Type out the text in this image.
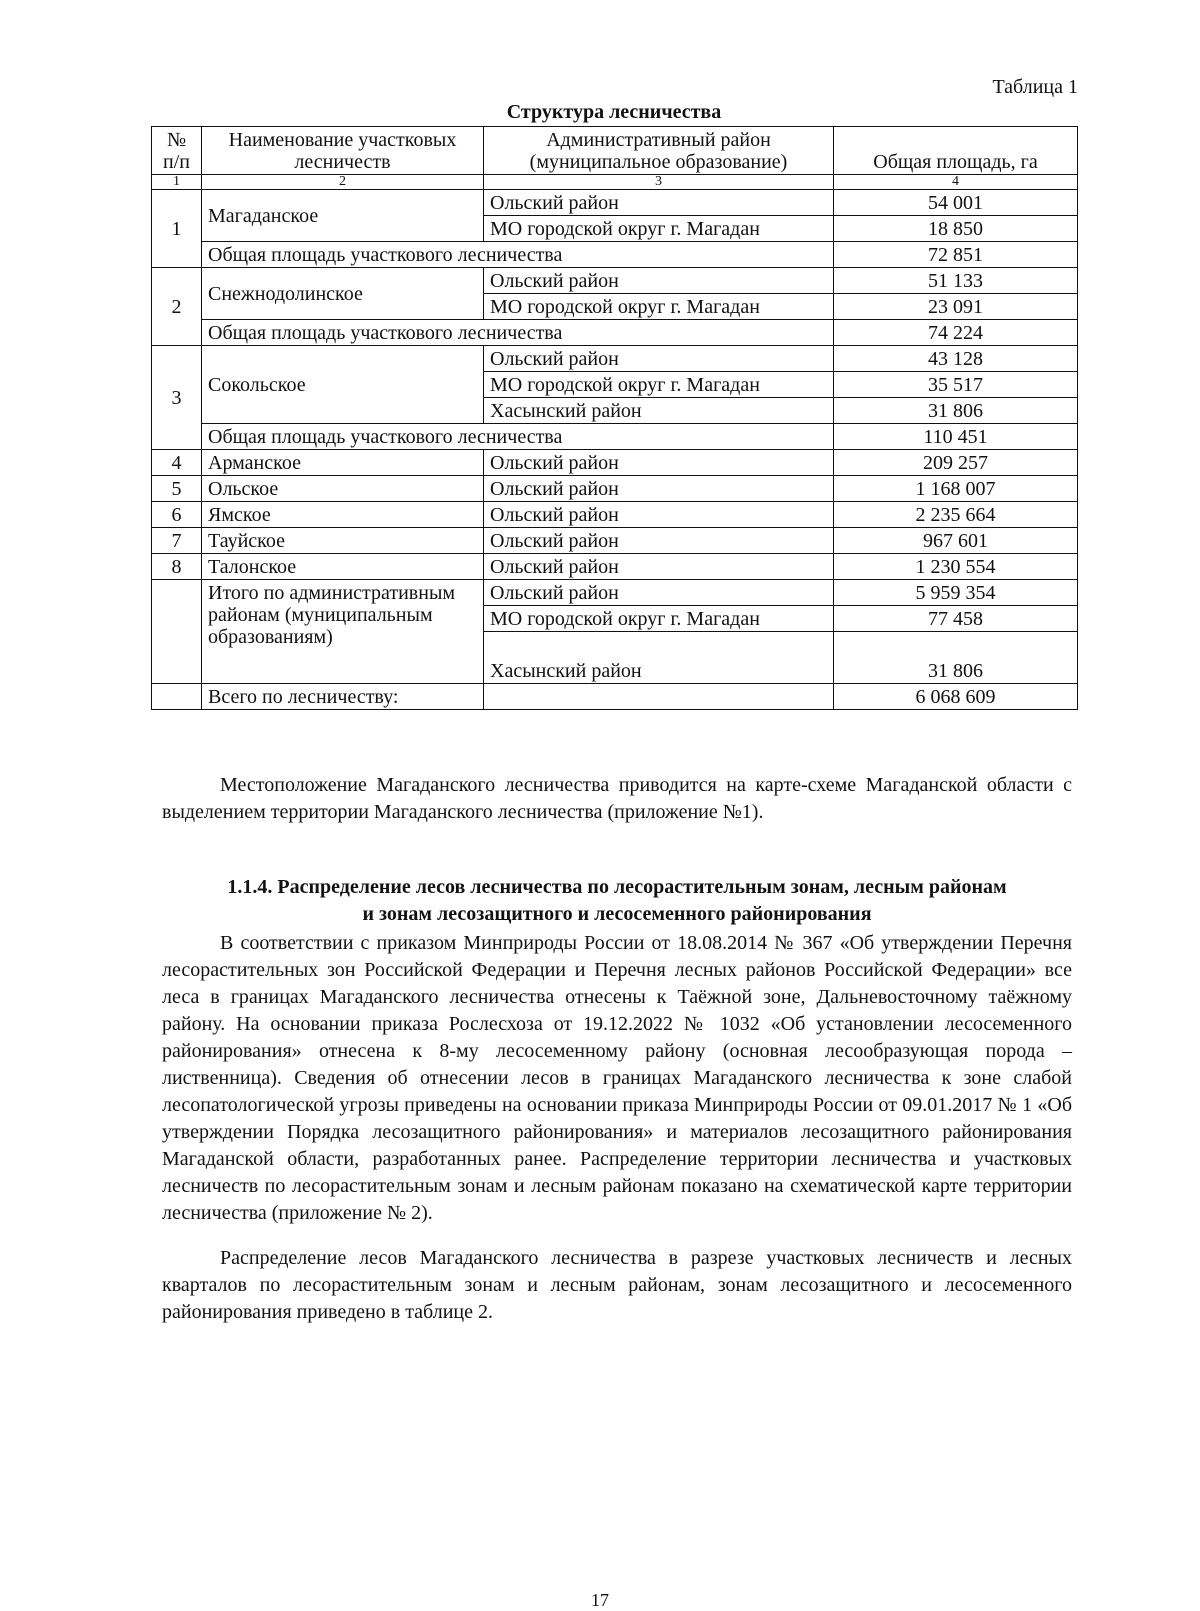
Таблица 1
Структура лесничества
№ п/п	Наименование участковых лесничеств	Административный район (муниципальное образование)	Общая площадь, га
1	2	3	4
1	Магаданское	Ольский район	54 001
		МО городской округ г. Магадан	18 850
	Общая площадь участкового лесничества		72 851
2	Снежнодолинское	Ольский район	51 133
		МО городской округ г. Магадан	23 091
	Общая площадь участкового лесничества		74 224
3	Сокольское	Ольский район	43 128
		МО городской округ г. Магадан	35 517
		Хасынский район	31 806
	Общая площадь участкового лесничества		110 451
4	Арманское	Ольский район	209 257
5	Ольское	Ольский район	1 168 007
6	Ямское	Ольский район	2 235 664
7	Тауйское	Ольский район	967 601
8	Талонское	Ольский район	1 230 554
	Итого по административным районам (муниципальным образованиям)	Ольский район	5 959 354
		МО городской округ г. Магадан	77 458
		Хасынский район	31 806
	Всего по лесничеству:		6 068 609
Местоположение Магаданского лесничества приводится на карте-схеме Магаданской области с выделением территории Магаданского лесничества (приложение №1).
1.1.4. Распределение лесов лесничества по лесорастительным зонам, лесным районам
и зонам лесозащитного и лесосеменного районирования
В соответствии с приказом Минприроды России от 18.08.2014 № 367 «Об утверждении Перечня лесорастительных зон Российской Федерации и Перечня лесных районов Российской Федерации» все леса в границах Магаданского лесничества отнесены к Таёжной зоне, Дальневосточному таёжному району. На основании приказа Рослесхоза от 19.12.2022 № 1032 «Об установлении лесосеменного районирования» отнесена к 8-му лесосеменному району (основная лесообразующая порода – лиственница). Сведения об отнесении лесов в границах Магаданского лесничества к зоне слабой лесопатологической угрозы приведены на основании приказа Минприроды России от 09.01.2017 № 1 «Об утверждении Порядка лесозащитного районирования» и материалов лесозащитного районирования Магаданской области, разработанных ранее. Распределение территории лесничества и участковых лесничеств по лесорастительным зонам и лесным районам показано на схематической карте территории лесничества (приложение № 2).
Распределение лесов Магаданского лесничества в разрезе участковых лесничеств и лесных кварталов по лесорастительным зонам и лесным районам, зонам лесозащитного и лесосеменного районирования приведено в таблице 2.
17
